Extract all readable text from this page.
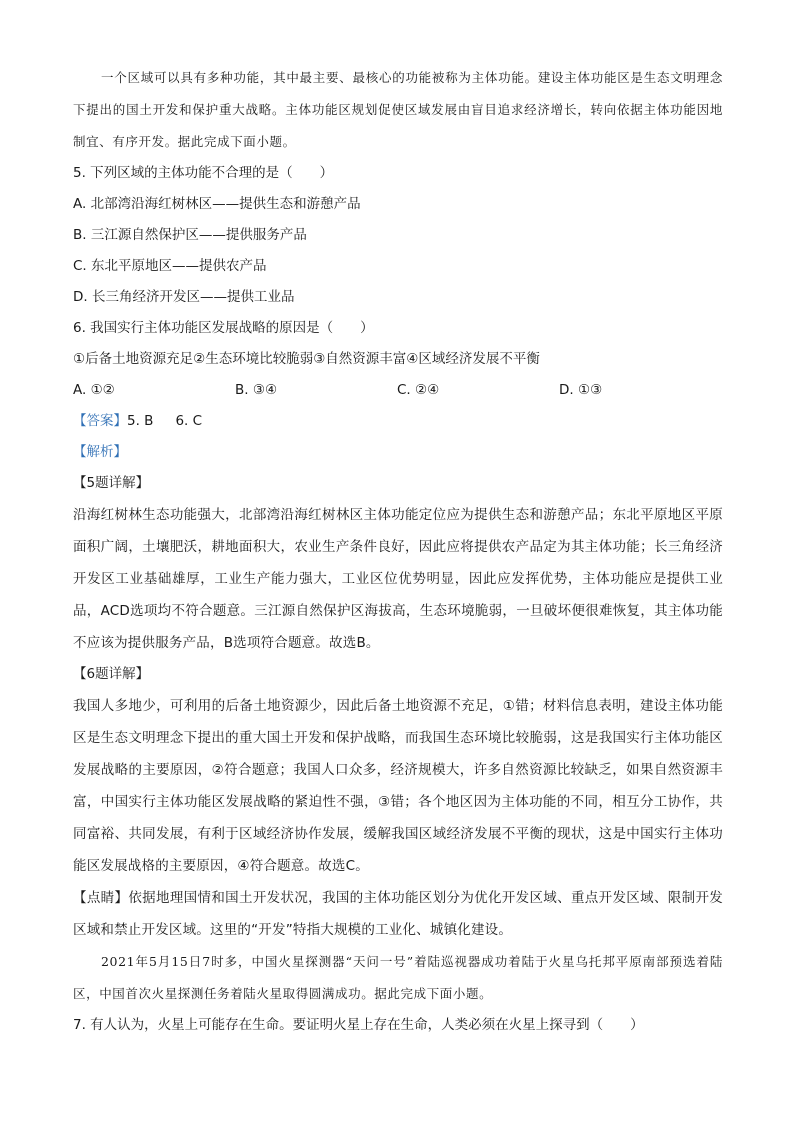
一个区域可以具有多种功能，其中最主要、最核心的功能被称为主体功能。建设主体功能区是生态文明理念下提出的国土开发和保护重大战略。主体功能区规划促使区域发展由盲目追求经济增长，转向依据主体功能因地制宜、有序开发。据此完成下面小题。
5. 下列区域的主体功能不合理的是（　　）
A. 北部湾沿海红树林区——提供生态和游憩产品
B. 三江源自然保护区——提供服务产品
C. 东北平原地区——提供农产品
D. 长三角经济开发区——提供工业品
6. 我国实行主体功能区发展战略的原因是（　　）
①后备土地资源充足②生态环境比较脆弱③自然资源丰富④区域经济发展不平衡
A. ①②	B. ③④	C. ②④	D. ①③
【答案】5. B 6. C
【解析】
【5题详解】
沿海红树林生态功能强大，北部湾沿海红树林区主体功能定位应为提供生态和游憩产品；东北平原地区平原面积广阔，土壤肥沃，耕地面积大，农业生产条件良好，因此应将提供农产品定为其主体功能；长三角经济开发区工业基础雄厚，工业生产能力强大，工业区位优势明显，因此应发挥优势，主体功能应是提供工业品，ACD选项均不符合题意。三江源自然保护区海拔高，生态环境脆弱，一旦破坏便很难恢复，其主体功能不应该为提供服务产品，B选项符合题意。故选B。
【6题详解】
我国人多地少，可利用的后备土地资源少，因此后备土地资源不充足，①错；材料信息表明，建设主体功能区是生态文明理念下提出的重大国土开发和保护战略，而我国生态环境比较脆弱，这是我国实行主体功能区发展战略的主要原因，②符合题意；我国人口众多，经济规模大，许多自然资源比较缺乏，如果自然资源丰富，中国实行主体功能区发展战略的紧迫性不强，③错；各个地区因为主体功能的不同，相互分工协作，共同富裕、共同发展，有利于区域经济协作发展，缓解我国区域经济发展不平衡的现状，这是中国实行主体功能区发展战格的主要原因，④符合题意。故选C。
【点睛】依据地理国情和国土开发状况，我国的主体功能区划分为优化开发区域、重点开发区域、限制开发区域和禁止开发区域。这里的“开发”特指大规模的工业化、城镇化建设。
2021年5月15日7时多，中国火星探测器“天问一号”着陆巡视器成功着陆于火星乌托邦平原南部预选着陆区，中国首次火星探测任务着陆火星取得圆满成功。据此完成下面小题。
7. 有人认为，火星上可能存在生命。要证明火星上存在生命，人类必须在火星上探寻到（　　）
